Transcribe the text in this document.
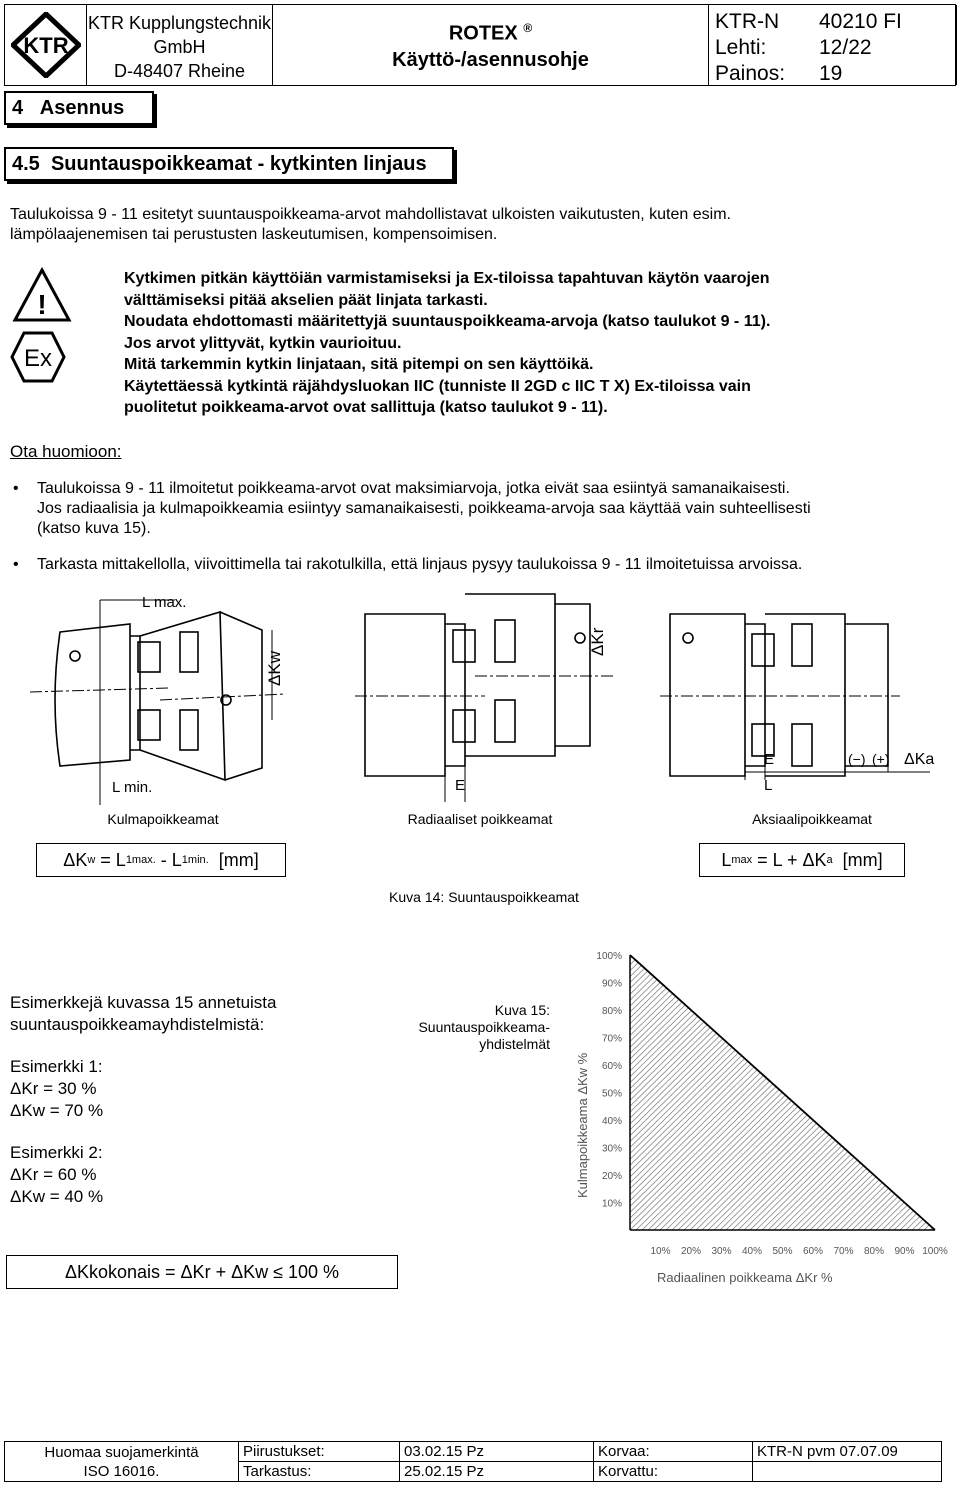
KTR
KTR Kupplungstechnik
GmbH
D-48407 Rheine
ROTEX ®
Käyttö-/asennusohje
KTR-N	40210 FI
Lehti:	12/22
Painos:	19
4 Asennus
4.5 Suuntauspoikkeamat - kytkinten linjaus

Taulukoissa 9 - 11 esitetyt suuntauspoikkeama-arvot mahdollistavat ulkoisten vaikutusten, kuten esim.

lämpölaajenemisen tai perustusten laskeutumisen, kompensoimisen.

!
Ex

Kytkimen pitkän käyttöiän varmistamiseksi ja Ex-tiloissa tapahtuvan käytön vaarojen

välttämiseksi pitää akselien päät linjata tarkasti.

Noudata ehdottomasti määritettyjä suuntauspoikkeama-arvoja (katso taulukot 9 - 11).

Jos arvot ylittyvät, kytkin vaurioituu.

Mitä tarkemmin kytkin linjataan, sitä pitempi on sen käyttöikä.

Käytettäessä kytkintä räjähdysluokan IIC (tunniste II 2GD c IIC T X) Ex-tiloissa vain

puolitetut poikkeama-arvot ovat sallittuja (katso taulukot 9 - 11).

Ota huomioon:
• Taulukoissa 9 - 11 ilmoitetut poikkeama-arvot ovat maksimiarvoja, jotka eivät saa esiintyä samanaikaisesti.
Jos radiaalisia ja kulmapoikkeamia esiintyy samanaikaisesti, poikkeama-arvoja saa käyttää vain suhteellisesti
(katso kuva 15).
• Tarkasta mittakellolla, viivoittimella tai rakotulkilla, että linjaus pysyy taulukoissa 9 - 11 ilmoitetuissa arvoissa.
L max.
L min.
ΔKw
E
ΔKr
E
L
(−) (+) ΔKa
Kulmapoikkeamat	Radiaaliset poikkeamat	Aksiaalipoikkeamat
Δ K w = L 1max. - L 1min. [mm]	L max = L + Δ K a [mm]
Kuva 14: Suuntauspoikkeamat

Esimerkkejä kuvassa 15 annetuista

suuntauspoikkeamayhdistelmistä:

Esimerkki 1:

ΔKr = 30 %

ΔKw = 70 %

Esimerkki 2:

ΔKr = 60 %

ΔKw = 40 %

ΔKkokonais = ΔKr + ΔKw ≤ 100 %
Kuva 15:
Suuntauspoikkeama-
yhdistelmät
10% 20% 30% 40% 50% 60% 70% 80% 90% 100%
10%
20%
30%
40%
50%
60%
70%
80%
90%
100%
Radiaalinen poikkeama ΔKr %
Kulmapoikkeama ΔKw %
Huomaa suojamerkintä
ISO 16016.	Piirustukset:	03.02.15 Pz	Korvaa:	KTR-N pvm 07.07.09
	Tarkastus:	25.02.15 Pz	Korvattu:	
